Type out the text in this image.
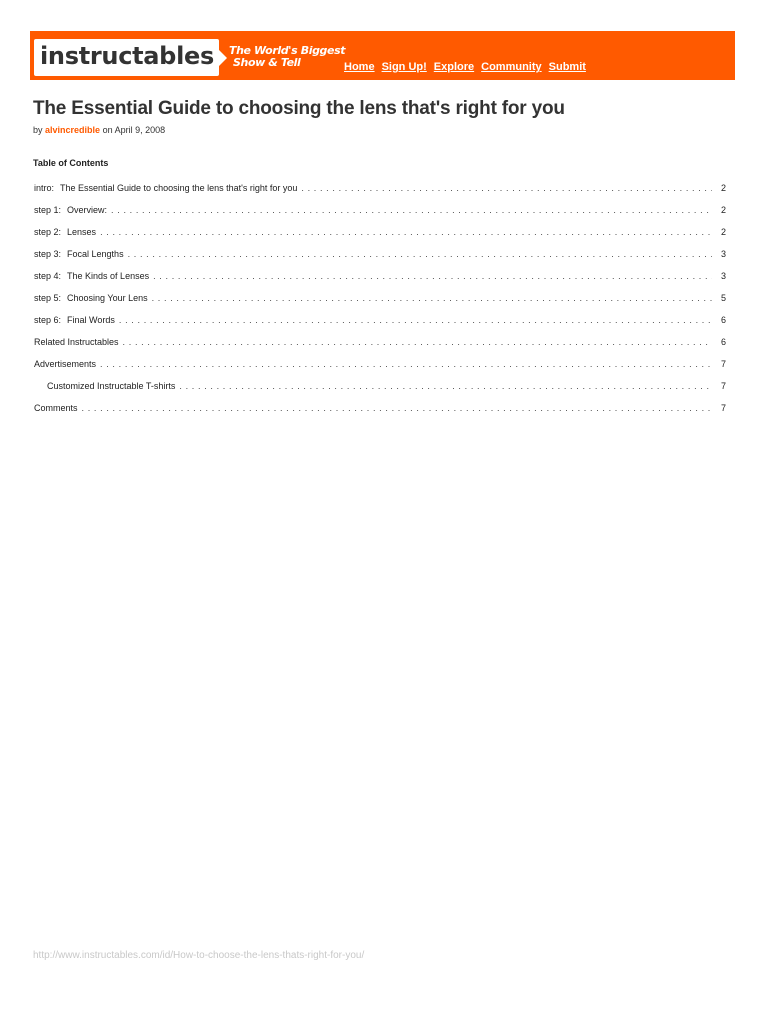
instructables The World's Biggest
Show & Tell	Home Sign Up! Explore Community Submit
The Essential Guide to choosing the lens that's right for you
by alvincredible on April 9, 2008
Table of Contents
intro: The Essential Guide to choosing the lens that's right for you . . .	2
step 1: Overview: . . .	2
step 2: Lenses . . .	2
step 3: Focal Lengths . . .	3
step 4: The Kinds of Lenses . . .	3
step 5: Choosing Your Lens . . .	5
step 6: Final Words . . .	6
Related Instructables . . .	6
Advertisements . . .	7
Customized Instructable T-shirts . . .	7
Comments . . .	7
http://www.instructables.com/id/How-to-choose-the-lens-thats-right-for-you/
